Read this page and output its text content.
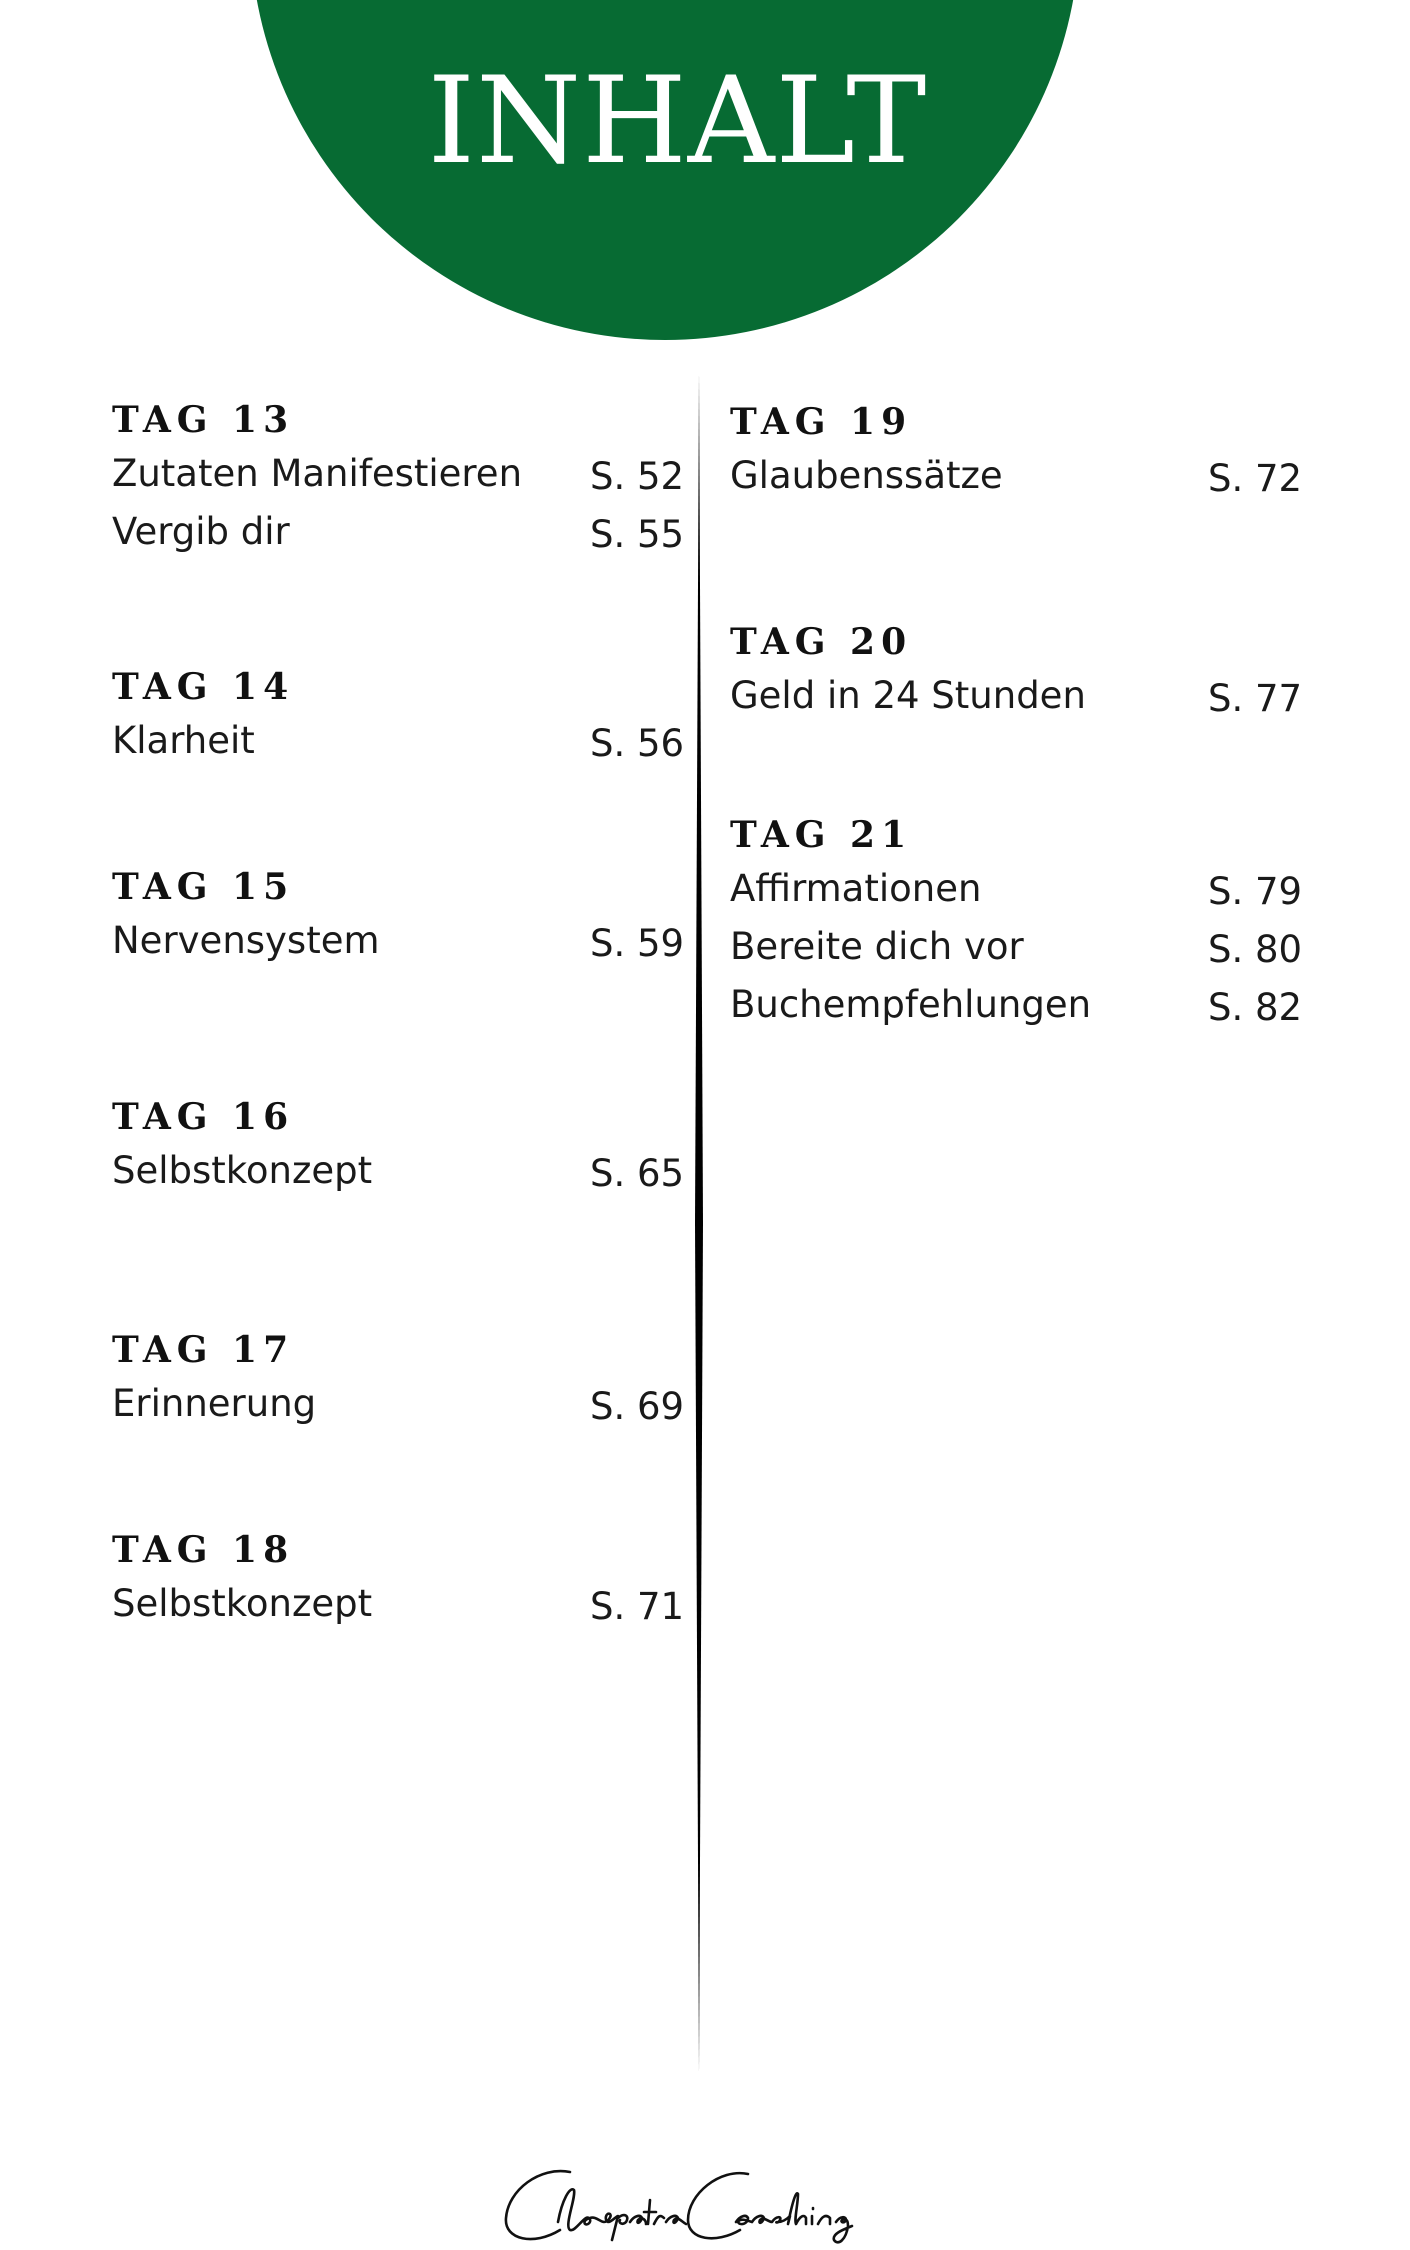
INHALT
TAG 13
Zutaten Manifestieren S. 52
Vergib dir	S. 55
TAG 14
Klarheit	S. 56
TAG 15
Nervensystem	S. 59
TAG 16
Selbstkonzept	S. 65
TAG 17
Erinnerung	S. 69
TAG 18
Selbstkonzept	S. 71
TAG 19
Glaubenssätze	S. 72
TAG 20
Geld in 24 Stunden	S. 77
TAG 21
Affirmationen	S. 79
Bereite dich vor	S. 80
Buchempfehlungen	S. 82
